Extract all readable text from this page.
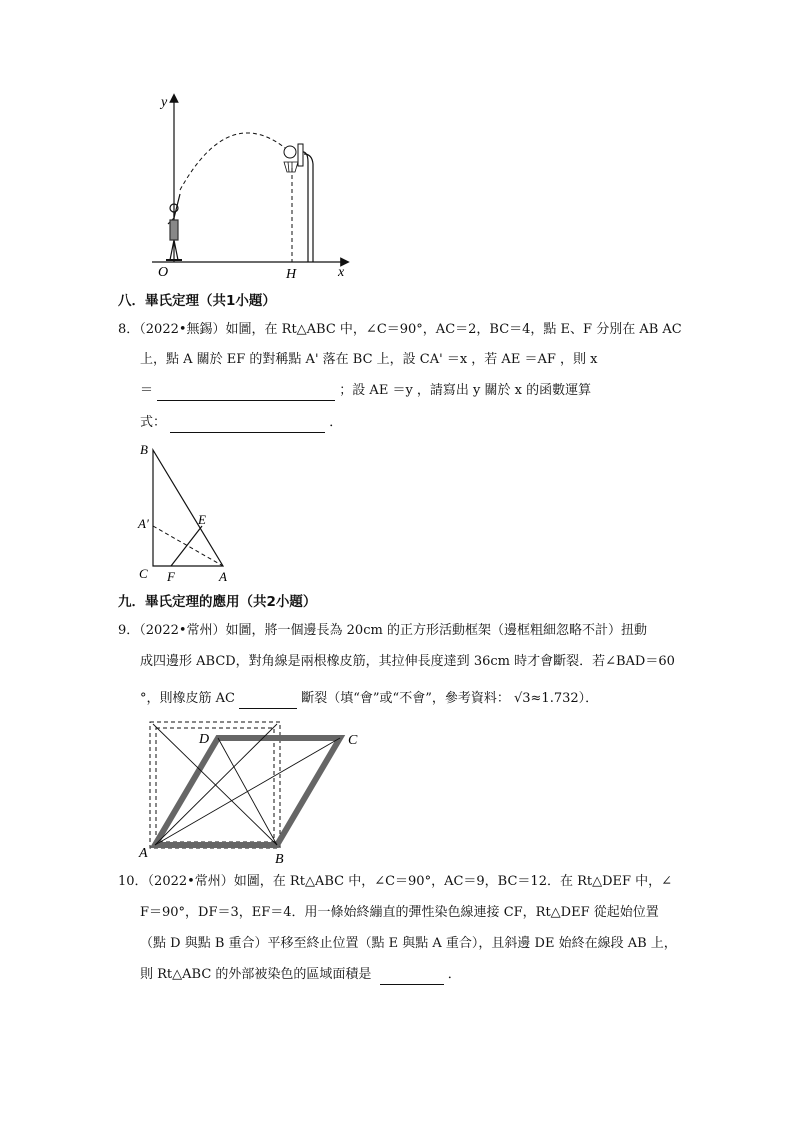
y
x
O	H
八．畢氏定理（共1小題）
8．（2022•無錫）如圖，在 Rt△ABC 中，∠C＝90°，AC＝2，BC＝4，點 E、F 分別在 AB AC
上，點 A 關於 EF 的對稱點 A' 落在 BC 上，設 CA' ＝x ，若 AE ＝AF ，則 x
＝	；設 AE ＝y ，請寫出 y 關於 x 的函數運算
式：	．
B
A′	E
C F	A
九．畢氏定理的應用（共2小題）
9．（2022•常州）如圖，將一個邊長為 20cm 的正方形活動框架（邊框粗細忽略不計）扭動
成四邊形 ABCD，對角線是兩根橡皮筋，其拉伸長度達到 36cm 時才會斷裂．若∠BAD＝60
°，則橡皮筋 AC	斷裂（填“會”或“不會”，參考資料： √3≈1.732）．
D	C
A	B
10．（2022•常州）如圖，在 Rt△ABC 中，∠C＝90°，AC＝9，BC＝12．在 Rt△DEF 中，∠
F＝90°，DF＝3，EF＝4．用一條始終繃直的彈性染色線連接 CF，Rt△DEF 從起始位置
（點 D 與點 B 重合）平移至終止位置（點 E 與點 A 重合），且斜邊 DE 始終在線段 AB 上，
則 Rt△ABC 的外部被染色的區域面積是	．
